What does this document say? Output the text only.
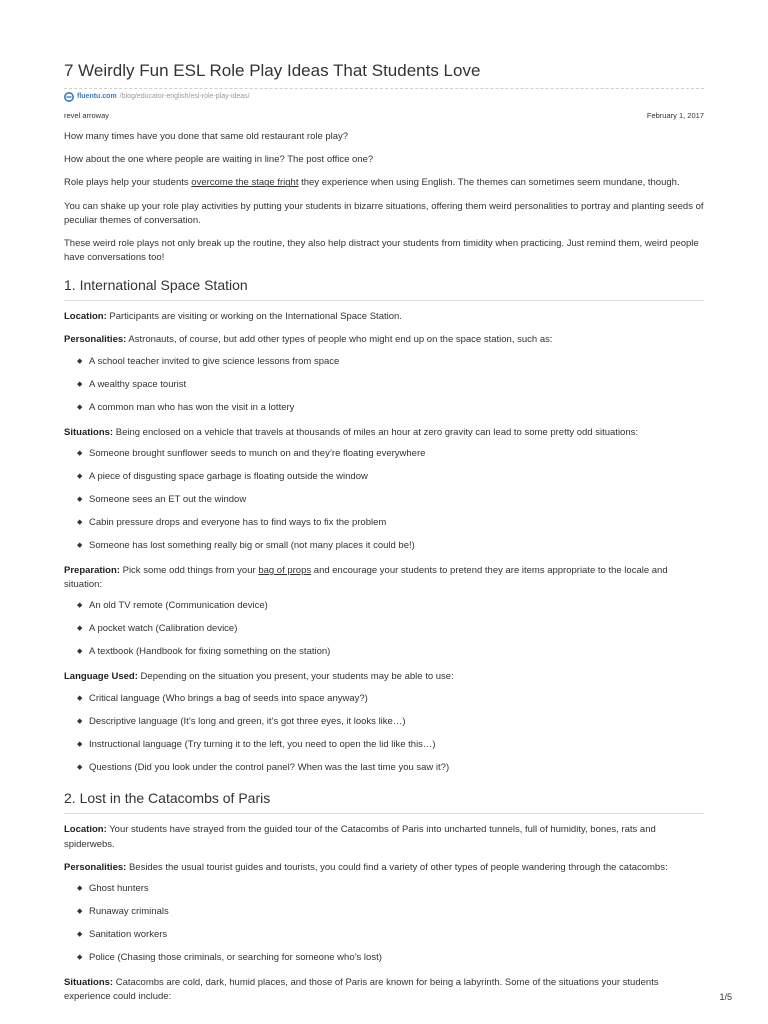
7 Weirdly Fun ESL Role Play Ideas That Students Love
fluentu.com /blog/educator-english/esl-role-play-ideas/
revel arroway	February 1, 2017

How many times have you done that same old restaurant role play?

How about the one where people are waiting in line? The post office one?

Role plays help your students overcome the stage fright they experience when using English. The themes can sometimes seem mundane, though.

You can shake up your role play activities by putting your students in bizarre situations, offering them weird personalities to portray and planting seeds of peculiar themes of conversation.

These weird role plays not only break up the routine, they also help distract your students from timidity when practicing. Just remind them, weird people have conversations too!

1. International Space Station

Location: Participants are visiting or working on the International Space Station.

Personalities: Astronauts, of course, but add other types of people who might end up on the space station, such as:

◆ A school teacher invited to give science lessons from space
◆ A wealthy space tourist
◆ A common man who has won the visit in a lottery

Situations: Being enclosed on a vehicle that travels at thousands of miles an hour at zero gravity can lead to some pretty odd situations:

◆ Someone brought sunflower seeds to munch on and they’re floating everywhere
◆ A piece of disgusting space garbage is floating outside the window
◆ Someone sees an ET out the window
◆ Cabin pressure drops and everyone has to find ways to fix the problem
◆ Someone has lost something really big or small (not many places it could be!)

Preparation: Pick some odd things from your bag of props and encourage your students to pretend they are items appropriate to the locale and situation:

◆ An old TV remote (Communication device)
◆ A pocket watch (Calibration device)
◆ A textbook (Handbook for fixing something on the station)

Language Used: Depending on the situation you present, your students may be able to use:

◆ Critical language (Who brings a bag of seeds into space anyway?)
◆ Descriptive language (It’s long and green, it’s got three eyes, it looks like…)
◆ Instructional language (Try turning it to the left, you need to open the lid like this…)
◆ Questions (Did you look under the control panel? When was the last time you saw it?)
2. Lost in the Catacombs of Paris

Location: Your students have strayed from the guided tour of the Catacombs of Paris into uncharted tunnels, full of humidity, bones, rats and spiderwebs.

Personalities: Besides the usual tourist guides and tourists, you could find a variety of other types of people wandering through the catacombs:

◆ Ghost hunters
◆ Runaway criminals
◆ Sanitation workers
◆ Police (Chasing those criminals, or searching for someone who’s lost)

Situations: Catacombs are cold, dark, humid places, and those of Paris are known for being a labyrinth. Some of the situations your students experience could include:	1/5
